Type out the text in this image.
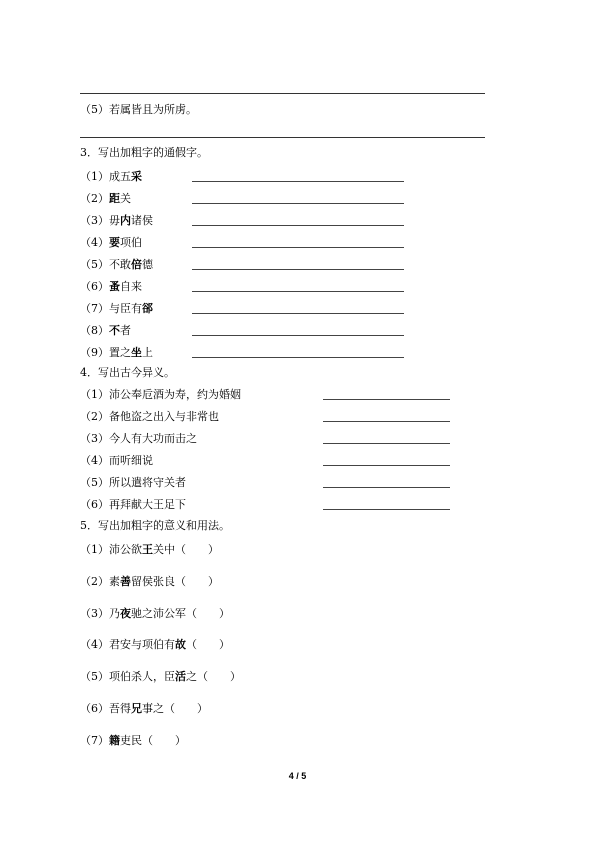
（5）若属皆且为所虏。
3．写出加粗字的通假字。
（1）成五采
（2）距关
（3）毋内诸侯
（4）要项伯
（5）不敢倍德
（6）蚤自来
（7）与臣有郤
（8）不者
（9）置之坐上
4．写出古今异义。
（1）沛公奉卮酒为寿，约为婚姻
（2）备他盗之出入与非常也
（3）今人有大功而击之
（4）而听细说
（5）所以遣将守关者
（6）再拜献大王足下
5．写出加粗字的意义和用法。
（1）沛公欲王关中（　　）
（2）素善留侯张良（　　）
（3）乃夜驰之沛公军（　　）
（4）君安与项伯有故（　　）
（5）项伯杀人，臣活之（　　）
（6）吾得兄事之（　　）
（7）籍吏民（　　）
4 / 5
